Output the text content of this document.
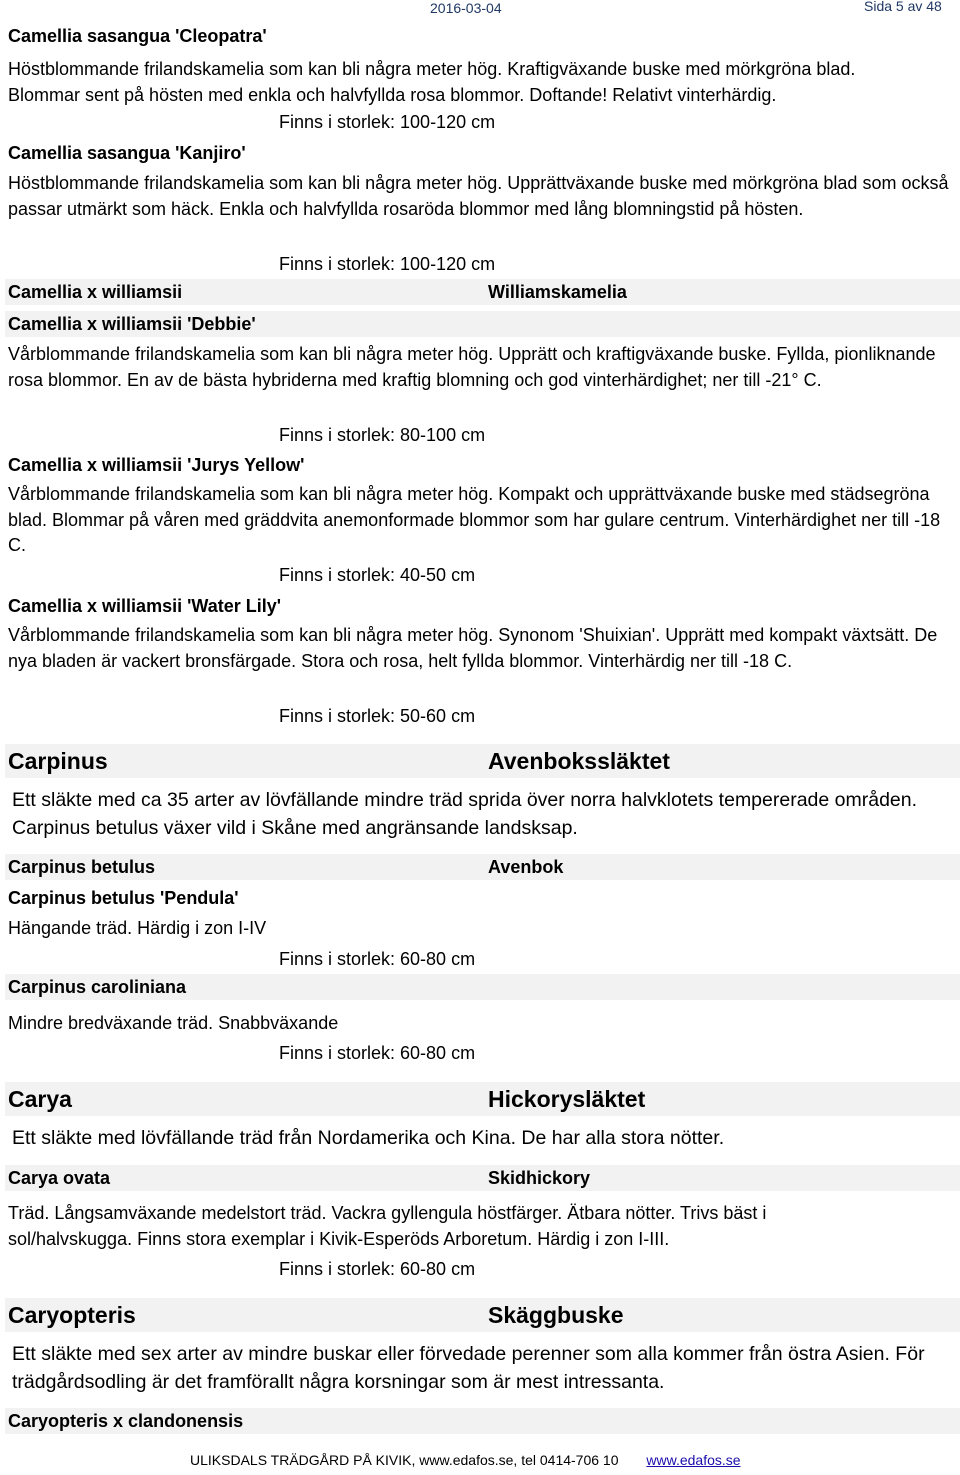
2016-03-04	Sida 5 av 48
Camellia sasangua 'Cleopatra'
Höstblommande frilandskamelia som kan bli några meter hög. Kraftigväxande buske med mörkgröna blad. Blommar sent på hösten med enkla och halvfyllda rosa blommor. Doftande! Relativt vinterhärdig.
Finns i storlek: 100-120 cm
Camellia sasangua 'Kanjiro'
Höstblommande frilandskamelia som kan bli några meter hög. Upprättväxande buske med mörkgröna blad som också passar utmärkt som häck. Enkla och halvfyllda rosaröda blommor med lång blomningstid på hösten.
Finns i storlek: 100-120 cm
Camellia x williamsii	Williamskamelia
Camellia x williamsii 'Debbie'
Vårblommande frilandskamelia som kan bli några meter hög. Upprätt och kraftigväxande buske. Fyllda, pionliknande rosa blommor. En av de bästa hybriderna med kraftig blomning och god vinterhärdighet; ner till -21° C.
Finns i storlek: 80-100 cm
Camellia x williamsii 'Jurys Yellow'
Vårblommande frilandskamelia som kan bli några meter hög. Kompakt och upprättväxande buske med städsegröna blad. Blommar på våren med gräddvita anemonformade blommor som har gulare centrum. Vinterhärdighet ner till -18 C.
Finns i storlek: 40-50 cm
Camellia x williamsii 'Water Lily'
Vårblommande frilandskamelia som kan bli några meter hög. Synonom 'Shuixian'. Upprätt med kompakt växtsätt. De nya bladen är vackert bronsfärgade. Stora och rosa, helt fyllda blommor. Vinterhärdig ner till -18 C.
Finns i storlek: 50-60 cm
Carpinus	Avenbokssläktet
Ett släkte med ca 35 arter av lövfällande mindre träd sprida över norra halvklotets tempererade områden. Carpinus betulus växer vild i Skåne med angränsande landsksap.
Carpinus betulus	Avenbok
Carpinus betulus 'Pendula'
Hängande träd. Härdig i zon I-IV
Finns i storlek: 60-80 cm
Carpinus caroliniana
Mindre bredväxande träd. Snabbväxande
Finns i storlek: 60-80 cm
Carya	Hickorysläktet
Ett släkte med lövfällande träd från Nordamerika och Kina. De har alla stora nötter.
Carya ovata	Skidhickory
Träd. Långsamväxande medelstort träd. Vackra gyllengula höstfärger. Ätbara nötter. Trivs bäst i sol/halvskugga. Finns stora exemplar i Kivik-Esperöds Arboretum. Härdig i zon I-III.
Finns i storlek: 60-80 cm
Caryopteris	Skäggbuske
Ett släkte med sex arter av mindre buskar eller förvedade perenner som alla kommer från östra Asien. För trädgårdsodling är det framförallt några korsningar som är mest intressanta.
Caryopteris x clandonensis
ULIKSDALS TRÄDGÅRD PÅ KIVIK, www.edafos.se, tel 0414-706 10 www.edafos.se
